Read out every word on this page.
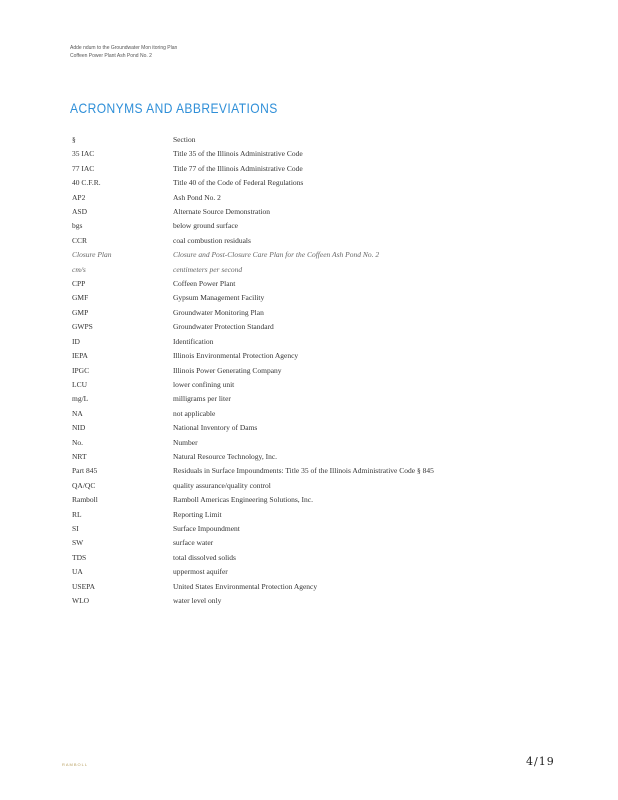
Adde ndum to the Groundwater Mon itoring Plan
Coffeen Power Plant Ash Pond No. 2
ACRONYMS AND ABBREVIATIONS
§	Section
35 IAC	Title 35 of the Illinois Administrative Code
77 IAC	Title 77 of the Illinois Administrative Code
40 C.F.R.	Title 40 of the Code of Federal Regulations
AP2	Ash Pond No. 2
ASD	Alternate Source Demonstration
bgs	below ground surface
CCR	coal combustion residuals
Closure Plan	Closure and Post-Closure Care Plan for the Coffeen Ash Pond No. 2
cm/s	centimeters per second
CPP	Coffeen Power Plant
GMF	Gypsum Management Facility
GMP	Groundwater Monitoring Plan
GWPS	Groundwater Protection Standard
ID	Identification
IEPA	Illinois Environmental Protection Agency
IPGC	Illinois Power Generating Company
LCU	lower confining unit
mg/L	milligrams per liter
NA	not applicable
NID	National Inventory of Dams
No.	Number
NRT	Natural Resource Technology, Inc.
Part 845	Residuals in Surface Impoundments: Title 35 of the Illinois Administrative Code § 845
QA/QC	quality assurance/quality control
Ramboll	Ramboll Americas Engineering Solutions, Inc.
RL	Reporting Limit
SI	Surface Impoundment
SW	surface water
TDS	total dissolved solids
UA	uppermost aquifer
USEPA	United States Environmental Protection Agency
WLO	water level only
RAMBOLL	4/19
